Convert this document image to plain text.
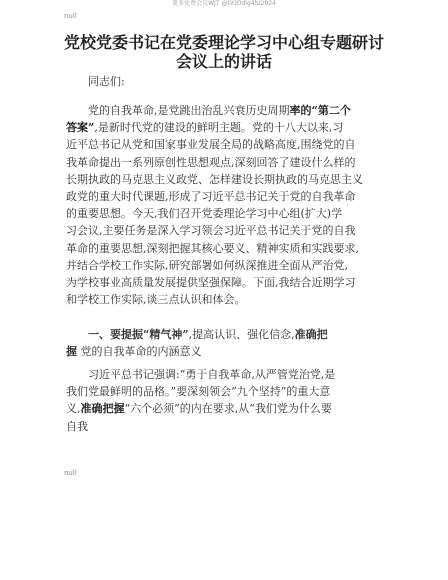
更多免费会议WJT @GOOdlg4lU2024
null
党校党委书记在党委理论学习中心组专题研讨
会议上的讲话
同志们:
党的自我革命,是党跳出治乱兴衰历史周期率的“第二个
答案”,是新时代党的建设的鲜明主题。党的十八大以来,习
近平总书记从党和国家事业发展全局的战略高度,围绕党的自
我革命提出一系列原创性思想观点,深刻回答了建设什么样的
长期执政的马克思主义政党、怎样建设长期执政的马克思主义
政党的重大时代课题,形成了习近平总书记关于党的自我革命
的重要思想。今天,我们召开党委理论学习中心组(扩大)学
习会议,主要任务是深入学习领会习近平总书记关于党的自我
革命的重要思想,深刻把握其核心要义、精神实质和实践要求,
并结合学校工作实际,研究部署如何纵深推进全面从严治党,
为学校事业高质量发展提供坚强保障。下面,我结合近期学习
和学校工作实际,谈三点认识和体会。
一、要提振“精气神”,提高认识、强化信念,准确把
握 党的自我革命的内涵意义
习近平总书记强调:“勇于自我革命,从严管党治党,是
我们党最鲜明的品格。”要深刻领会“九个坚持”的重大意
义,准确把握“六个必须”的内在要求,从“我们党为什么要
自我
null
